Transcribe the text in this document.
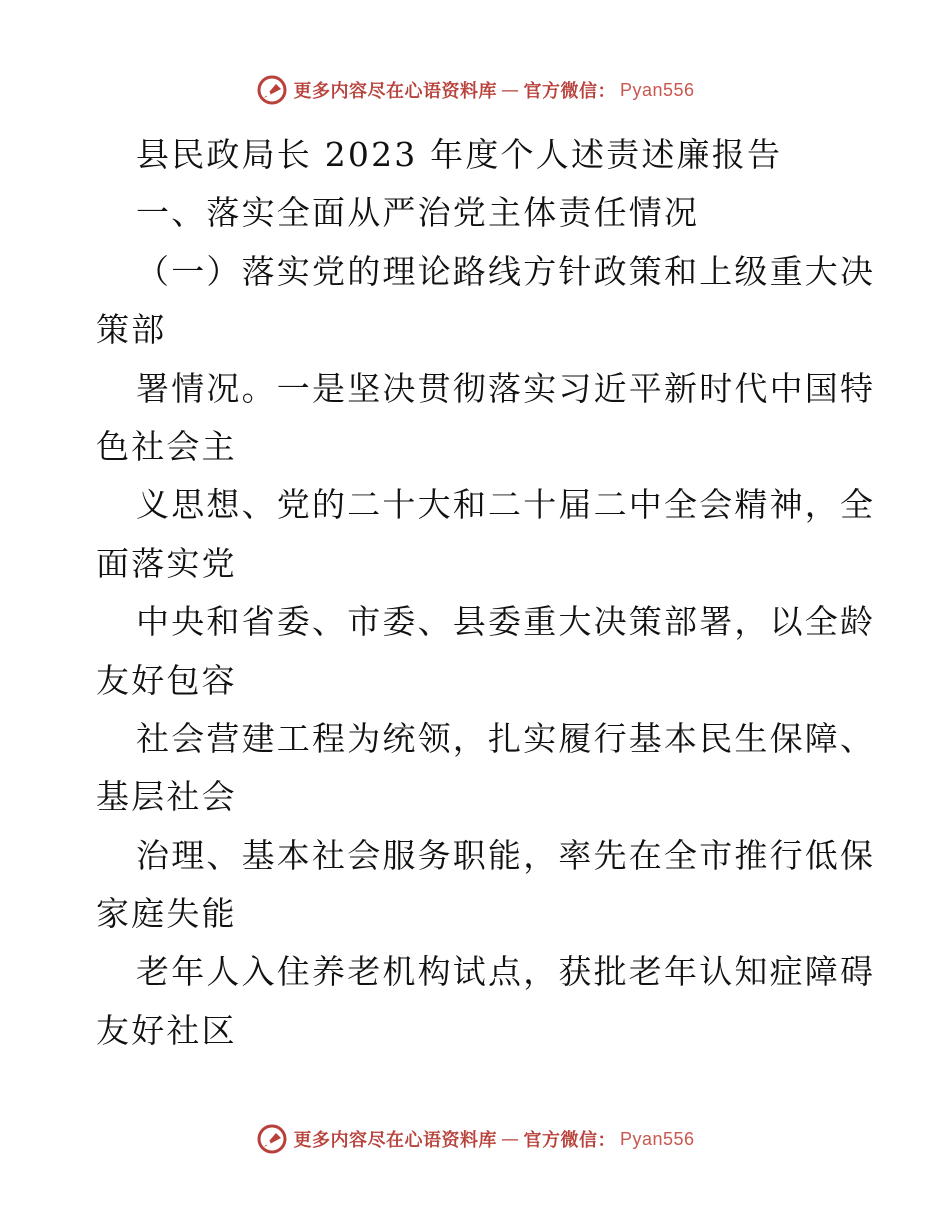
更多内容尽在心语资料库 — 官方微信： Pyan556
县民政局长 2023 年度个人述责述廉报告
一、落实全面从严治党主体责任情况
（一）落实党的理论路线方针政策和上级重大决
策部
署情况。一是坚决贯彻落实习近平新时代中国特
色社会主
义思想、党的二十大和二十届二中全会精神，全
面落实党
中央和省委、市委、县委重大决策部署，以全龄
友好包容
社会营建工程为统领，扎实履行基本民生保障、
基层社会
治理、基本社会服务职能，率先在全市推行低保
家庭失能
老年人入住养老机构试点，获批老年认知症障碍
友好社区
更多内容尽在心语资料库 — 官方微信： Pyan556
